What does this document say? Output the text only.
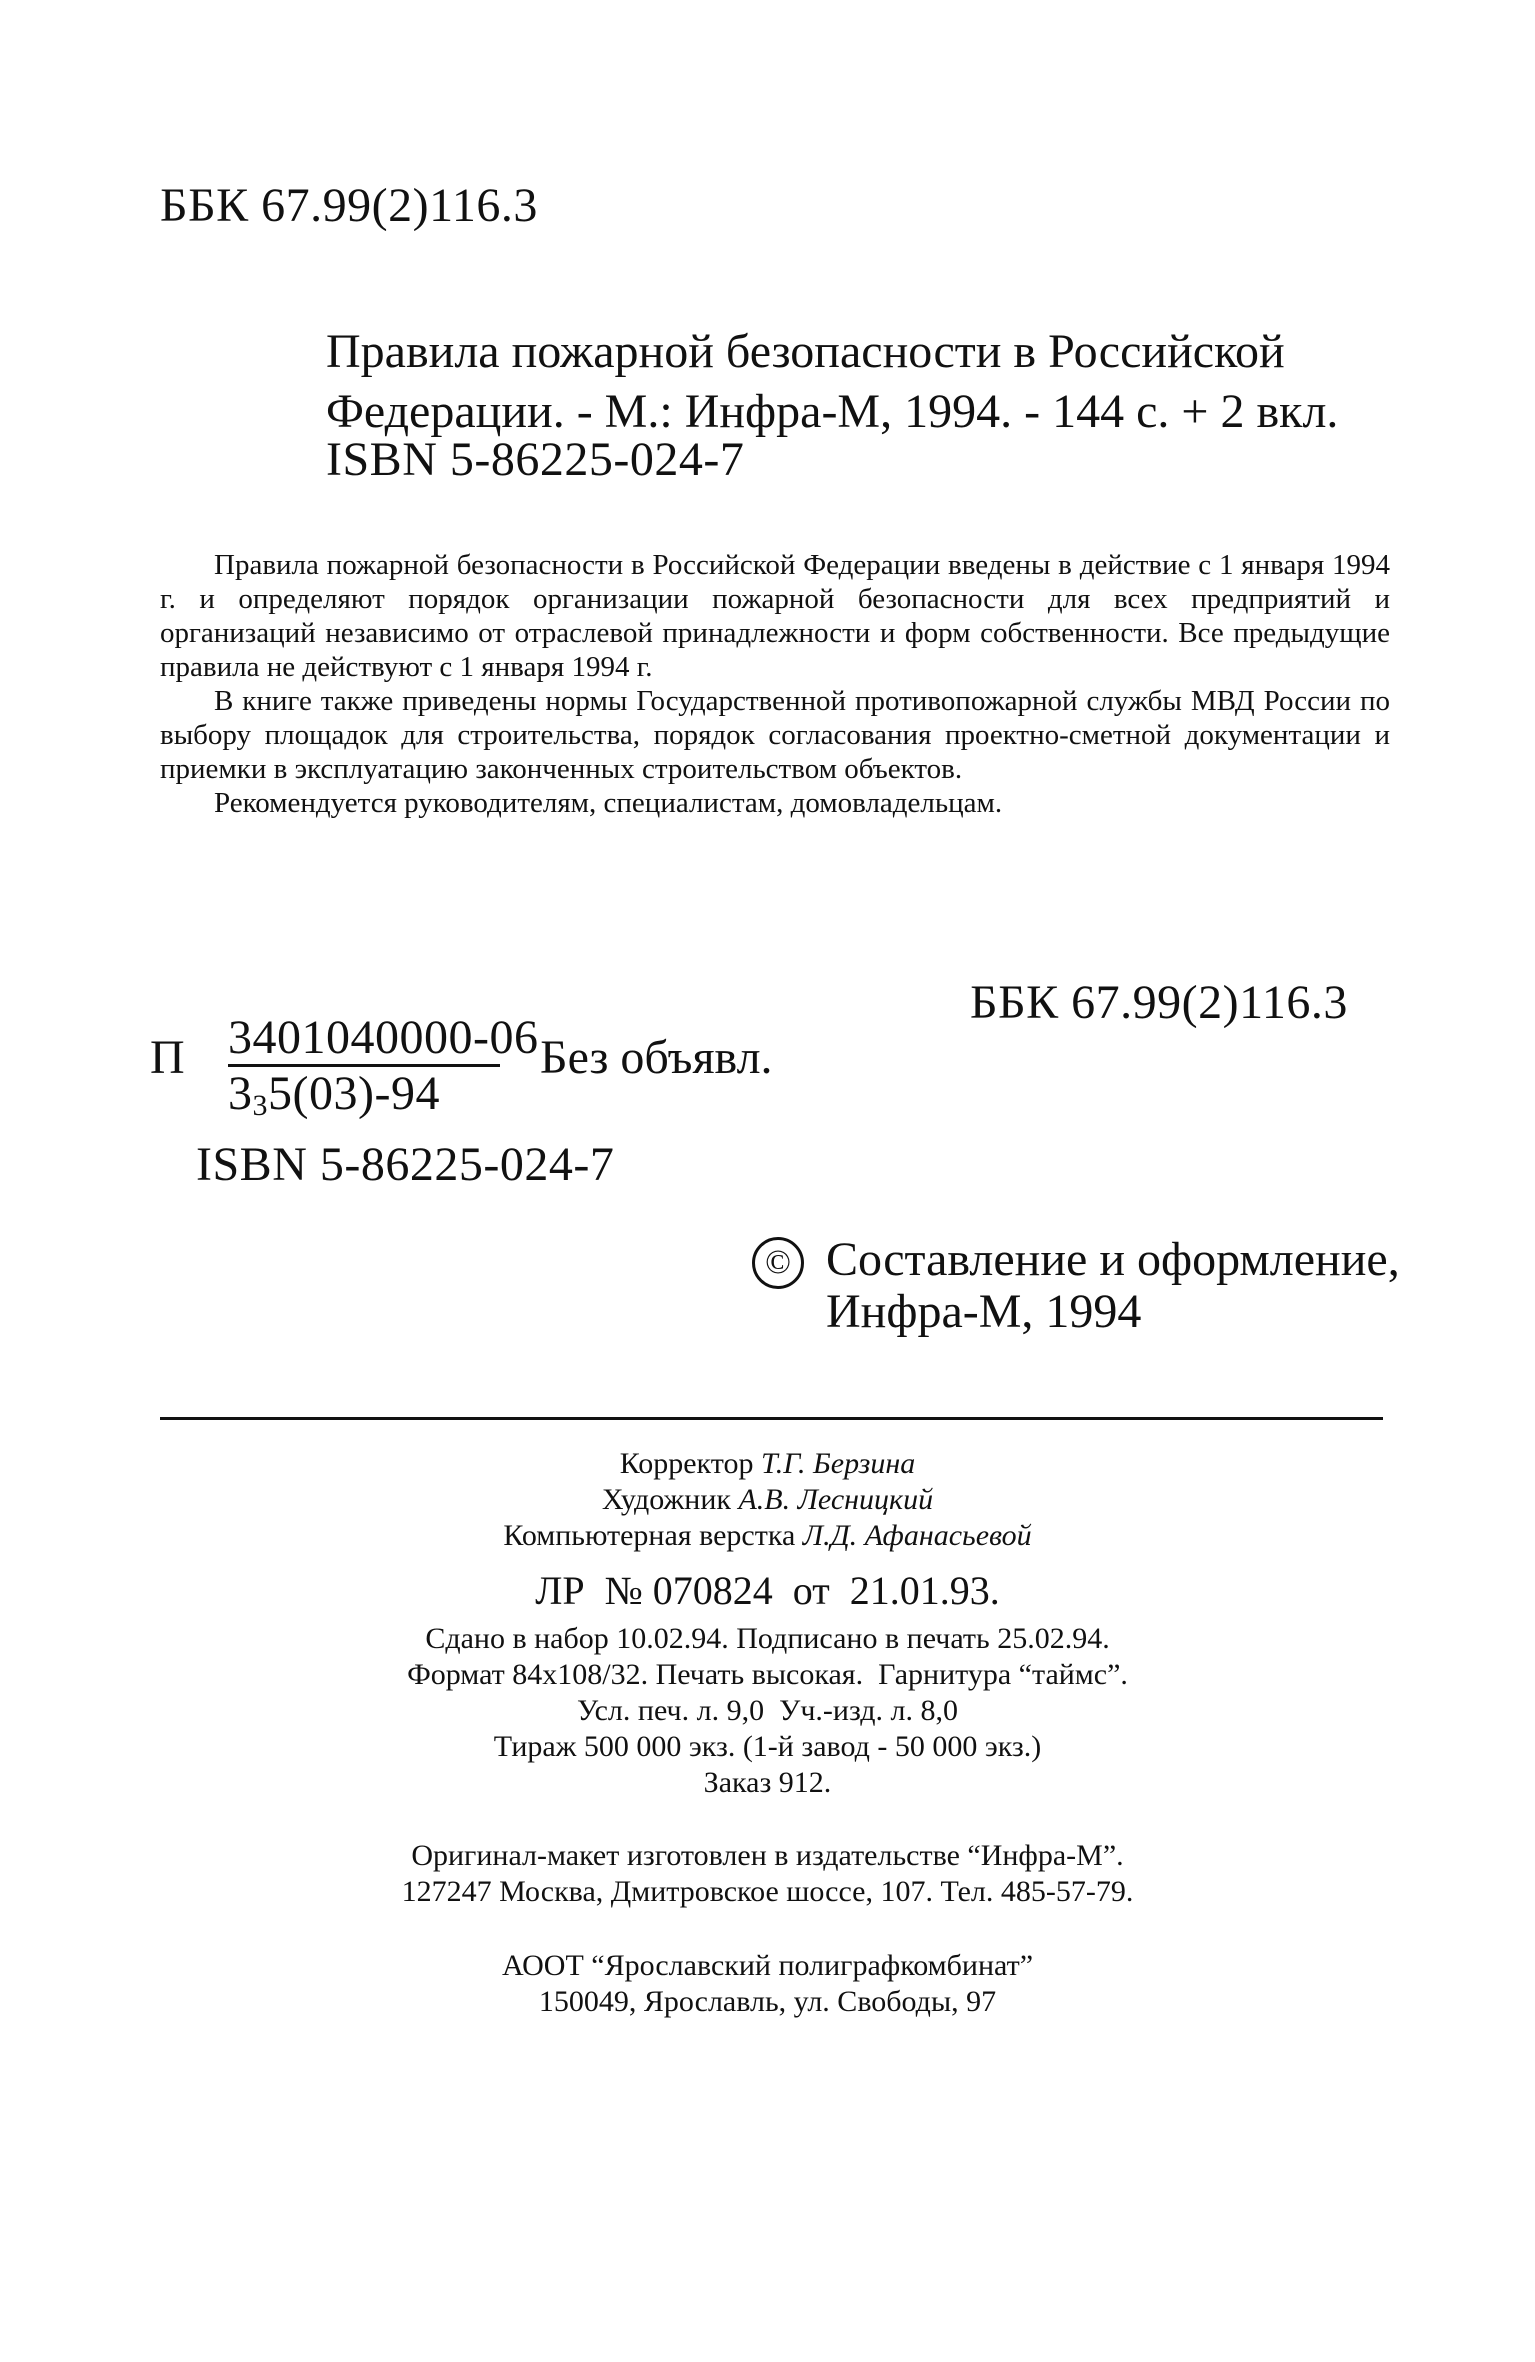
ББК 67.99(2)116.3
Правила пожарной безопасности в Российской
Федерации. - М.: Инфра-М, 1994. - 144 с. + 2 вкл.
ISBN 5-86225-024-7

Правила пожарной безопасности в Российской Федерации введены в действие с 1 января 1994 г. и определяют порядок организации пожарной безопасности для всех предприятий и организаций независимо от отраслевой принадлежности и форм собственности. Все предыдущие правила не действуют с 1 января 1994 г.

В книге также приведены нормы Государственной противопожарной службы МВД России по выбору площадок для строительства, порядок согласования проектно-сметной документации и приемки в эксплуатацию законченных строительством объектов.

Рекомендуется руководителям, специалистам, домовладельцам.

ББК 67.99(2)116.3
П 3401040000-06
$3_35(03)-94$
Без объявл.
ISBN 5-86225-024-7
© Составление и оформление,
Инфра-М, 1994
Корректор Т.Г. Берзина
Художник А.В. Лесницкий
Компьютерная верстка Л.Д. Афанасьевой
ЛР  № 070824  от  21.01.93.
Сдано в набор 10.02.94. Подписано в печать 25.02.94.
Формат 84x108/32. Печать высокая.  Гарнитура “таймс”.
Усл. печ. л. 9,0  Уч.-изд. л. 8,0
Тираж 500 000 экз. (1-й завод - 50 000 экз.)
Заказ 912.
Оригинал-макет изготовлен в издательстве “Инфра-М”.
127247 Москва, Дмитровское шоссе, 107. Тел. 485-57-79.
АООТ “Ярославский полиграфкомбинат”
150049, Ярославль, ул. Свободы, 97
